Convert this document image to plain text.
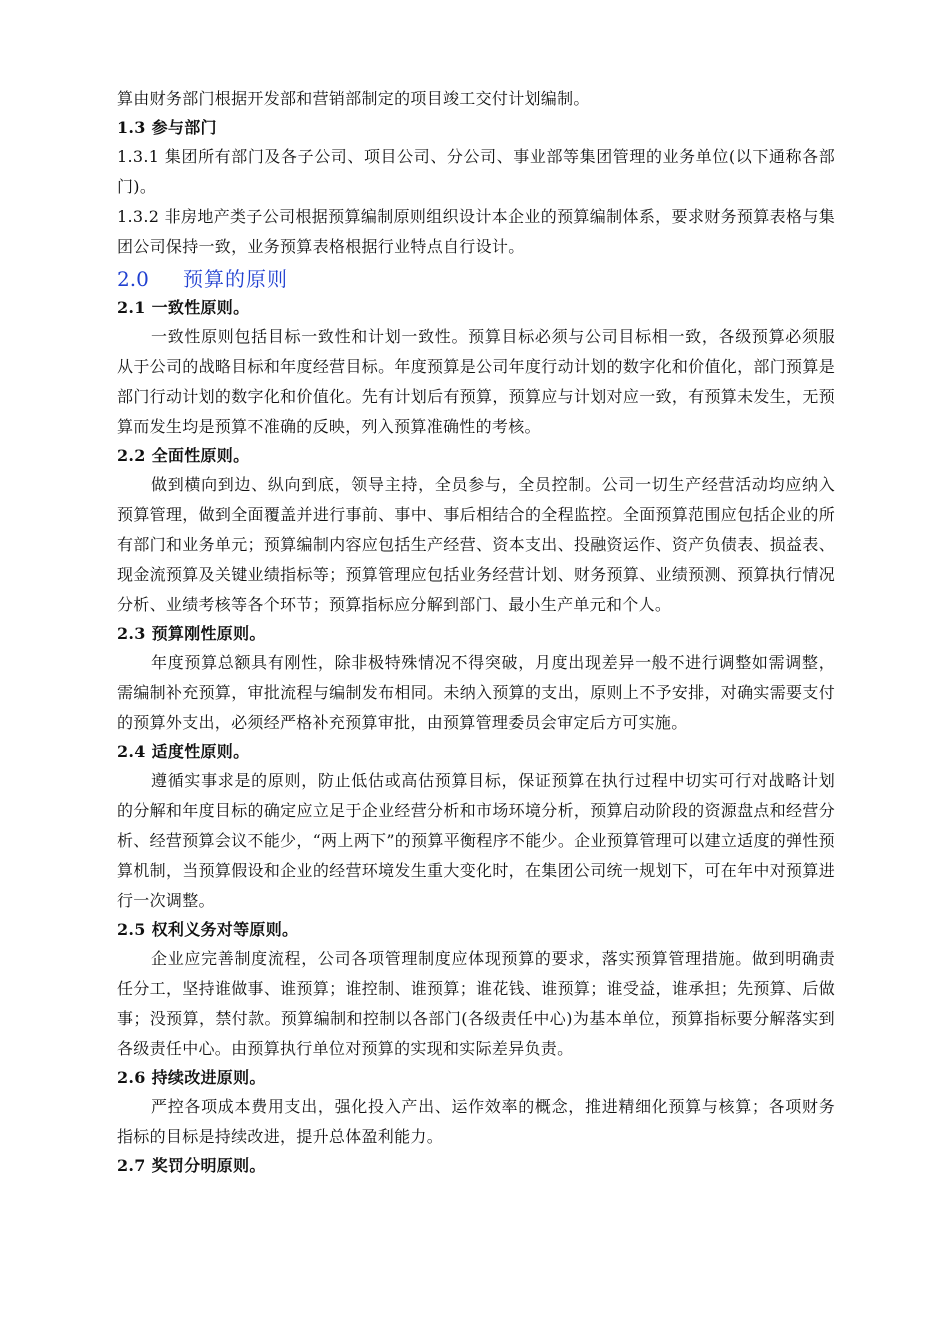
算由财务部门根据开发部和营销部制定的项目竣工交付计划编制。

1.3 参与部门

1.3.1 集团所有部门及各子公司、项目公司、分公司、事业部等集团管理的业务单位(以下通称各部门)。

1.3.2 非房地产类子公司根据预算编制原则组织设计本企业的预算编制体系，要求财务预算表格与集团公司保持一致，业务预算表格根据行业特点自行设计。

2.0	预算的原则

2.1 一致性原则。

一致性原则包括目标一致性和计划一致性。预算目标必须与公司目标相一致，各级预算必须服从于公司的战略目标和年度经营目标。年度预算是公司年度行动计划的数字化和价值化，部门预算是部门行动计划的数字化和价值化。先有计划后有预算，预算应与计划对应一致，有预算未发生，无预算而发生均是预算不准确的反映，列入预算准确性的考核。

2.2 全面性原则。

做到横向到边、纵向到底，领导主持，全员参与，全员控制。公司一切生产经营活动均应纳入预算管理，做到全面覆盖并进行事前、事中、事后相结合的全程监控。全面预算范围应包括企业的所有部门和业务单元；预算编制内容应包括生产经营、资本支出、投融资运作、资产负债表、损益表、现金流预算及关键业绩指标等；预算管理应包括业务经营计划、财务预算、业绩预测、预算执行情况分析、业绩考核等各个环节；预算指标应分解到部门、最小生产单元和个人。

2.3 预算刚性原则。

年度预算总额具有刚性，除非极特殊情况不得突破，月度出现差异一般不进行调整如需调整，需编制补充预算，审批流程与编制发布相同。未纳入预算的支出，原则上不予安排，对确实需要支付的预算外支出，必须经严格补充预算审批，由预算管理委员会审定后方可实施。

2.4 适度性原则。

遵循实事求是的原则，防止低估或高估预算目标，保证预算在执行过程中切实可行对战略计划的分解和年度目标的确定应立足于企业经营分析和市场环境分析，预算启动阶段的资源盘点和经营分析、经营预算会议不能少，“两上两下”的预算平衡程序不能少。企业预算管理可以建立适度的弹性预算机制，当预算假设和企业的经营环境发生重大变化时，在集团公司统一规划下，可在年中对预算进行一次调整。

2.5 权利义务对等原则。

企业应完善制度流程，公司各项管理制度应体现预算的要求，落实预算管理措施。做到明确责任分工，坚持谁做事、谁预算；谁控制、谁预算；谁花钱、谁预算；谁受益，谁承担；先预算、后做事；没预算，禁付款。预算编制和控制以各部门(各级责任中心)为基本单位，预算指标要分解落实到各级责任中心。由预算执行单位对预算的实现和实际差异负责。

2.6 持续改进原则。

严控各项成本费用支出，强化投入产出、运作效率的概念，推进精细化预算与核算；各项财务指标的目标是持续改进，提升总体盈利能力。

2.7 奖罚分明原则。
